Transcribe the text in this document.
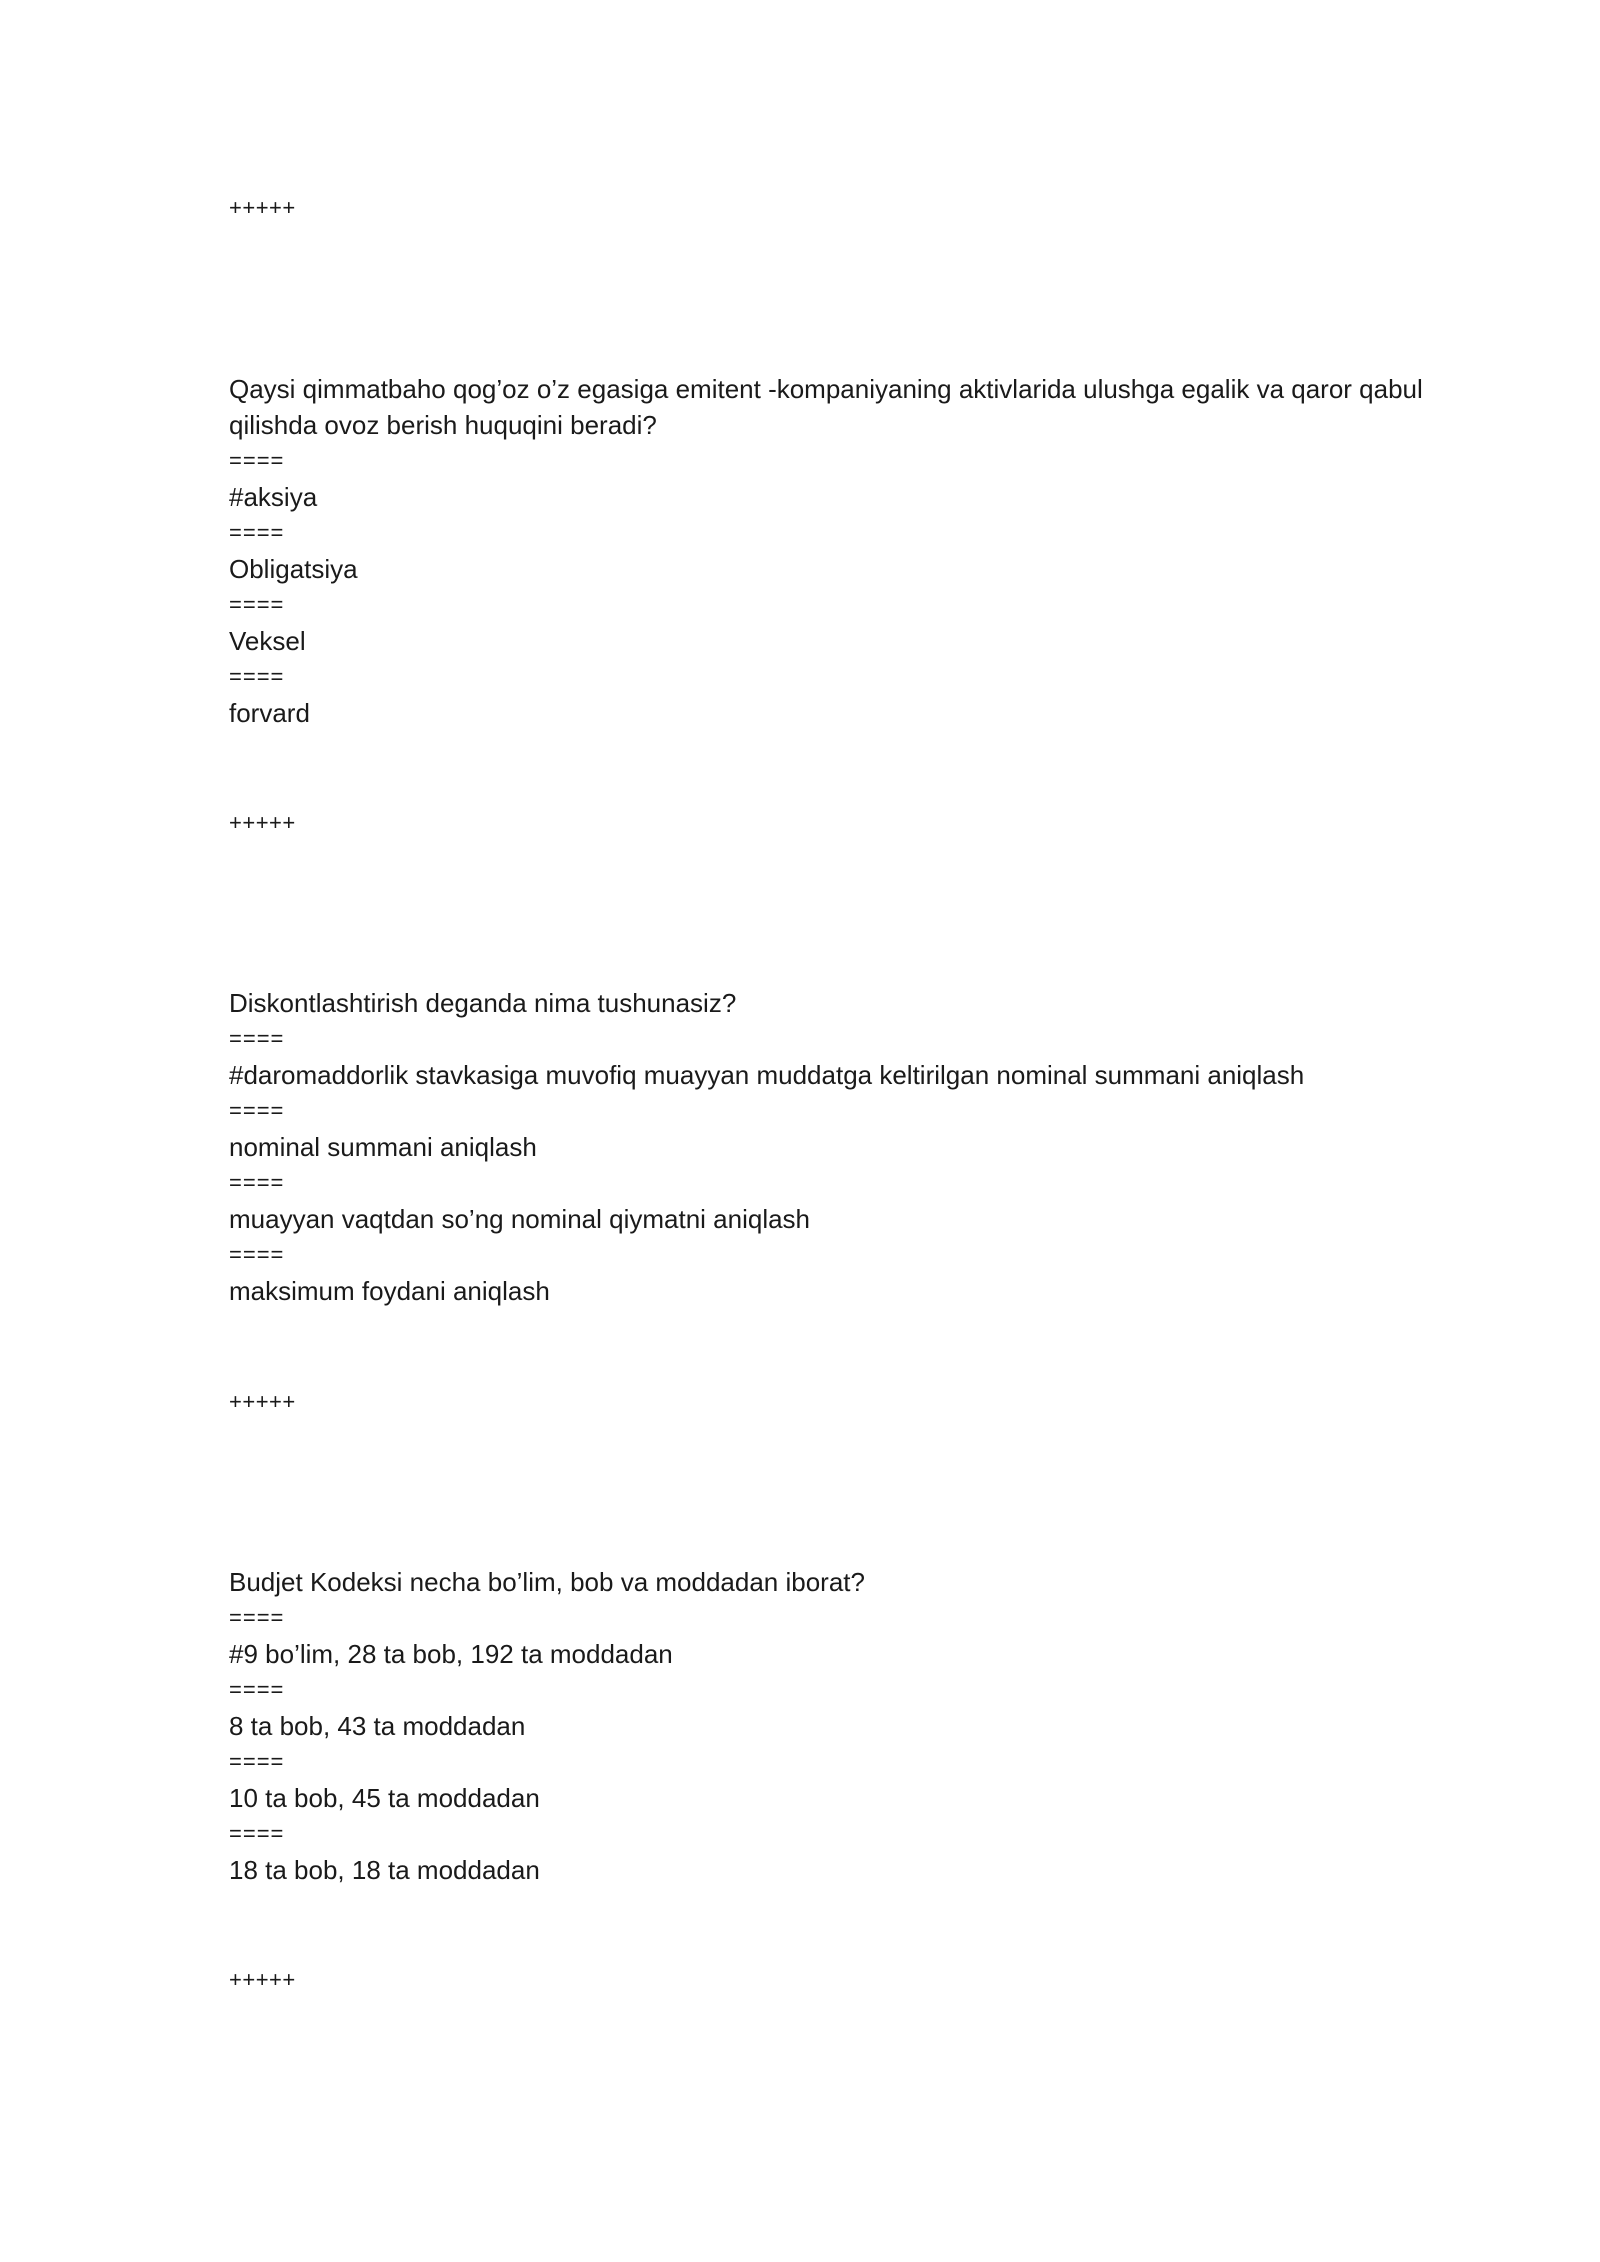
+++++
Qaysi qimmatbaho qog’oz o’z egasiga emitent -kompaniyaning aktivlarida ulushga egalik va qaror qabul qilishda ovoz berish huquqini beradi?
====
#aksiya
====
Obligatsiya
====
Veksel
====
forvard
+++++
Diskontlashtirish deganda nima tushunasiz?
====
#daromaddorlik stavkasiga muvofiq muayyan muddatga keltirilgan nominal summani aniqlash
====
nominal summani aniqlash
====
muayyan vaqtdan so’ng nominal qiymatni aniqlash
====
maksimum foydani aniqlash
+++++
Budjet Kodeksi necha bo’lim, bob va moddadan iborat?
====
#9 bo’lim, 28 ta bob, 192 ta moddadan
====
8 ta bob, 43 ta moddadan
====
10 ta bob, 45 ta moddadan
====
18 ta bob, 18 ta moddadan
+++++
